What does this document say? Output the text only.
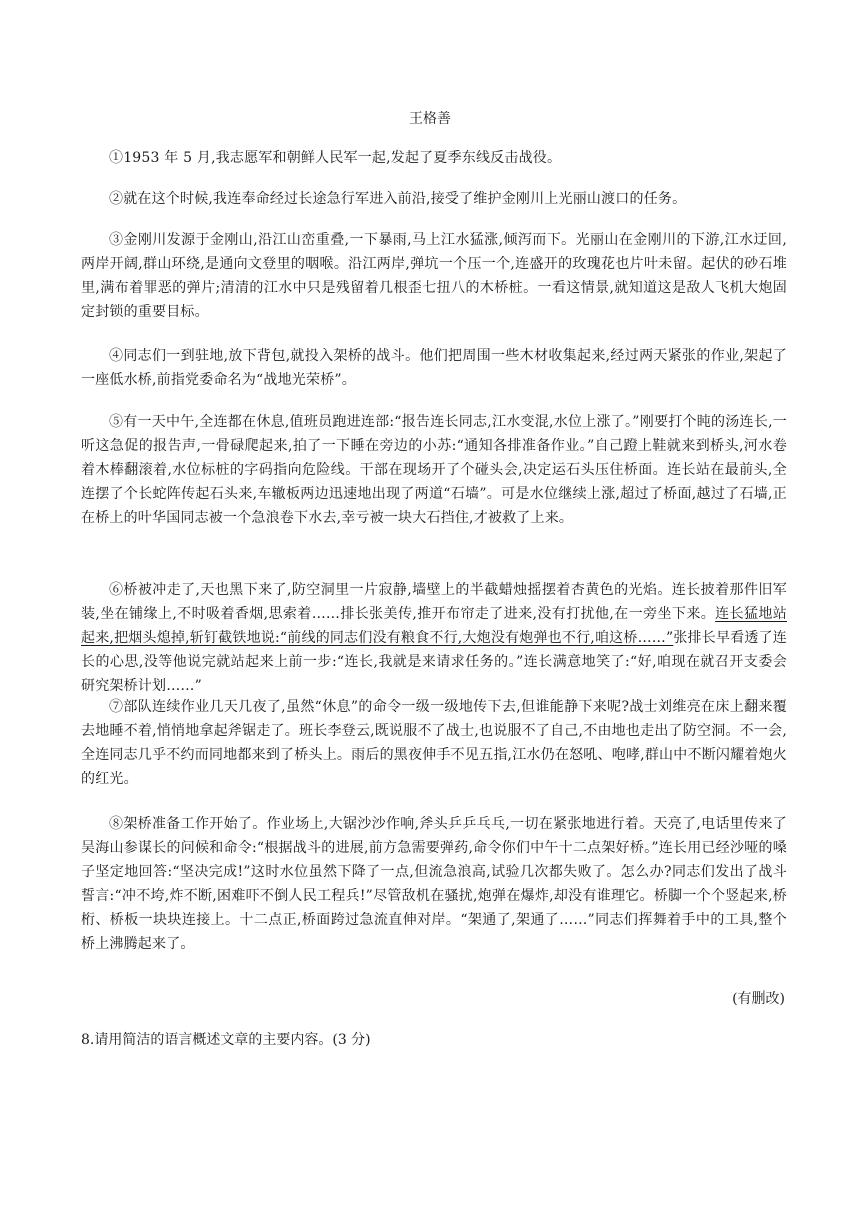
王格善

①1953 年 5 月,我志愿军和朝鲜人民军一起,发起了夏季东线反击战役。

②就在这个时候,我连奉命经过长途急行军进入前沿,接受了维护金刚川上光丽山渡口的任务。

③金刚川发源于金刚山,沿江山峦重叠,一下暴雨,马上江水猛涨,倾泻而下。光丽山在金刚川的下游,江水迂回,两岸开阔,群山环绕,是通向文登里的咽喉。沿江两岸,弹坑一个压一个,连盛开的玫瑰花也片叶未留。起伏的砂石堆里,满布着罪恶的弹片;清清的江水中只是残留着几根歪七扭八的木桥桩。一看这情景,就知道这是敌人飞机大炮固定封锁的重要目标。

④同志们一到驻地,放下背包,就投入架桥的战斗。他们把周围一些木材收集起来,经过两天紧张的作业,架起了一座低水桥,前指党委命名为“战地光荣桥”。

⑤有一天中午,全连都在休息,值班员跑进连部:“报告连长同志,江水变混,水位上涨了。”刚要打个盹的汤连长,一听这急促的报告声,一骨碌爬起来,拍了一下睡在旁边的小苏:“通知各排准备作业。”自己蹬上鞋就来到桥头,河水卷着木棒翻滚着,水位标桩的字码指向危险线。干部在现场开了个碰头会,决定运石头压住桥面。连长站在最前头,全连摆了个长蛇阵传起石头来,车辙板两边迅速地出现了两道“石墙”。可是水位继续上涨,超过了桥面,越过了石墙,正在桥上的叶华国同志被一个急浪卷下水去,幸亏被一块大石挡住,才被救了上来。

⑥桥被冲走了,天也黑下来了,防空洞里一片寂静,墙壁上的半截蜡烛摇摆着杏黄色的光焰。连长披着那件旧军装,坐在铺缘上,不时吸着香烟,思索着……排长张美传,推开布帘走了进来,没有打扰他,在一旁坐下来。连长猛地站起来,把烟头熄掉,斩钉截铁地说:“前线的同志们没有粮食不行,大炮没有炮弹也不行,咱这桥……”张排长早看透了连长的心思,没等他说完就站起来上前一步:“连长,我就是来请求任务的。”连长满意地笑了:“好,咱现在就召开支委会研究架桥计划……”

⑦部队连续作业几天几夜了,虽然“休息”的命令一级一级地传下去,但谁能静下来呢?战士刘维亮在床上翻来覆去地睡不着,悄悄地拿起斧锯走了。班长李登云,既说服不了战士,也说服不了自己,不由地也走出了防空洞。不一会,全连同志几乎不约而同地都来到了桥头上。雨后的黑夜伸手不见五指,江水仍在怒吼、咆哮,群山中不断闪耀着炮火的红光。

⑧架桥准备工作开始了。作业场上,大锯沙沙作响,斧头乒乒乓乓,一切在紧张地进行着。天亮了,电话里传来了吴海山参谋长的问候和命令:“根据战斗的进展,前方急需要弹药,命令你们中午十二点架好桥。”连长用已经沙哑的嗓子坚定地回答:“坚决完成!”这时水位虽然下降了一点,但流急浪高,试验几次都失败了。怎么办?同志们发出了战斗誓言:“冲不垮,炸不断,困难吓不倒人民工程兵!”尽管敌机在骚扰,炮弹在爆炸,却没有谁理它。桥脚一个个竖起来,桥桁、桥板一块块连接上。十二点正,桥面跨过急流直伸对岸。“架通了,架通了……”同志们挥舞着手中的工具,整个桥上沸腾起来了。

(有删改)
8.请用简洁的语言概述文章的主要内容。(3 分)
